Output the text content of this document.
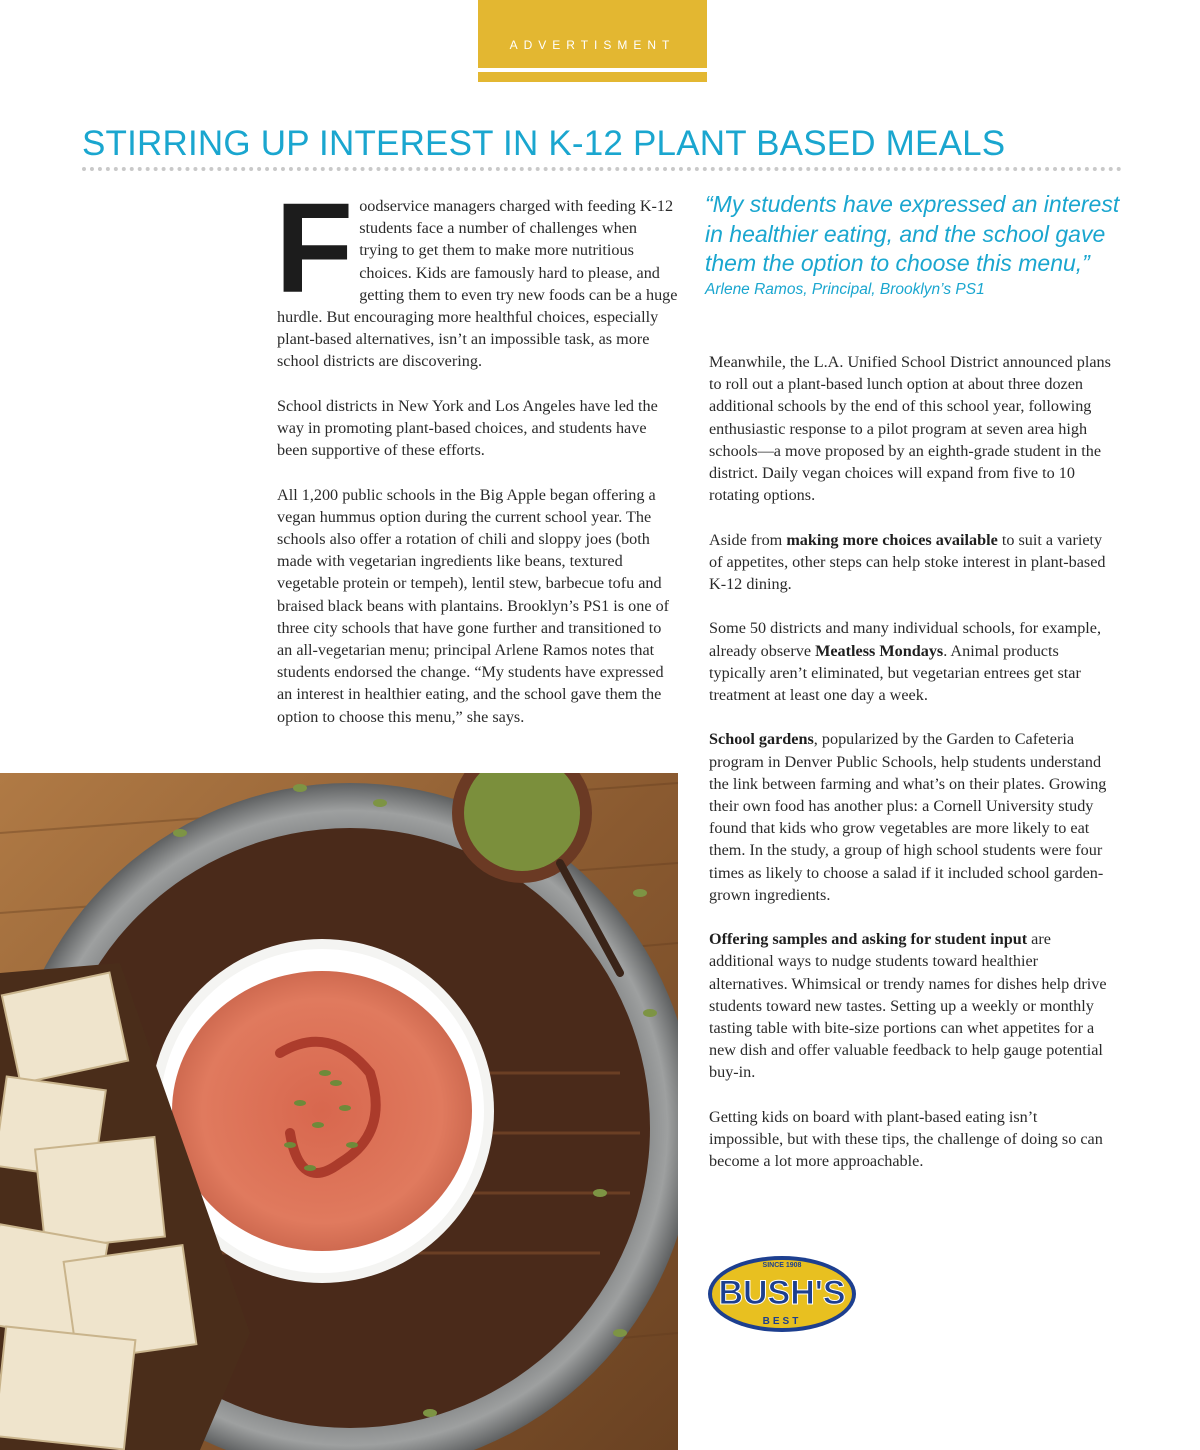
ADVERTISMENT
STIRRING UP INTEREST IN K-12 PLANT BASED MEALS

Foodservice managers charged with feeding K-12 students face a number of challenges when trying to get them to make more nutritious choices. Kids are famously hard to please, and getting them to even try new foods can be a huge hurdle. But encouraging more healthful choices, especially plant-based alternatives, isn’t an impossible task, as more school districts are discovering.

School districts in New York and Los Angeles have led the way in promoting plant-based choices, and students have been supportive of these efforts.

All 1,200 public schools in the Big Apple began offering a vegan hummus option during the current school year. The schools also offer a rotation of chili and sloppy joes (both made with vegetarian ingredients like beans, textured vegetable protein or tempeh), lentil stew, barbecue tofu and braised black beans with plantains. Brooklyn’s PS1 is one of three city schools that have gone further and transitioned to an all-vegetarian menu; principal Arlene Ramos notes that students endorsed the change. “My students have expressed an interest in healthier eating, and the school gave them the option to choose this menu,” she says.

“My students have expressed an interest in healthier eating, and the school gave them the option to choose this menu,”

Arlene Ramos, Principal, Brooklyn’s PS1

Meanwhile, the L.A. Unified School District announced plans to roll out a plant-based lunch option at about three dozen additional schools by the end of this school year, following enthusiastic response to a pilot program at seven area high schools—a move proposed by an eighth-grade student in the district. Daily vegan choices will expand from five to 10 rotating options.

Aside from making more choices available to suit a variety of appetites, other steps can help stoke interest in plant-based K-12 dining.

Some 50 districts and many individual schools, for example, already observe Meatless Mondays. Animal products typically aren’t eliminated, but vegetarian entrees get star treatment at least one day a week.

School gardens, popularized by the Garden to Cafeteria program in Denver Public Schools, help students understand the link between farming and what’s on their plates. Growing their own food has another plus: a Cornell University study found that kids who grow vegetables are more likely to eat them. In the study, a group of high school students were four times as likely to choose a salad if it included school garden-grown ingredients.

Offering samples and asking for student input are additional ways to nudge students toward healthier alternatives. Whimsical or trendy names for dishes help drive students toward new tastes. Setting up a weekly or monthly tasting table with bite-size portions can whet appetites for a new dish and offer valuable feedback to help gauge potential buy-in.

Getting kids on board with plant-based eating isn’t impossible, but with these tips, the challenge of doing so can become a lot more approachable.

SINCE 1908
BUSH'S
BEST
